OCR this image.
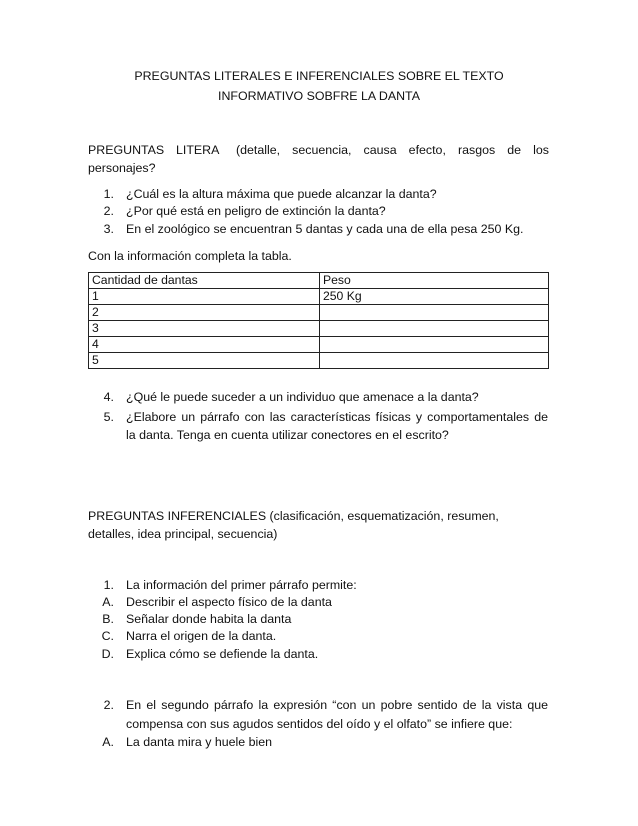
PREGUNTAS LITERALES E INFERENCIALES SOBRE EL TEXTO
INFORMATIVO SOBFRE LA DANTA
PREGUNTAS LITERA (detalle, secuencia, causa efecto, rasgos de los
personajes?
1. ¿Cuál es la altura máxima que puede alcanzar la danta?
2. ¿Por qué está en peligro de extinción la danta?
3. En el zoológico se encuentran 5 dantas y cada una de ella pesa 250 Kg.
Con la información completa la tabla.
Cantidad de dantas	Peso
1	250 Kg
2	
3	
4	
5	
4. ¿Qué le puede suceder a un individuo que amenace a la danta?
5. ¿Elabore un párrafo con las características físicas y comportamentales de
la danta. Tenga en cuenta utilizar conectores en el escrito?
PREGUNTAS INFERENCIALES (clasificación, esquematización, resumen,
detalles, idea principal, secuencia)
1. La información del primer párrafo permite:
A. Describir el aspecto físico de la danta
B. Señalar donde habita la danta
C. Narra el origen de la danta.
D. Explica cómo se defiende la danta.
2. En el segundo párrafo la expresión “con un pobre sentido de la vista que
compensa con sus agudos sentidos del oído y el olfato” se infiere que:
A. La danta mira y huele bien
